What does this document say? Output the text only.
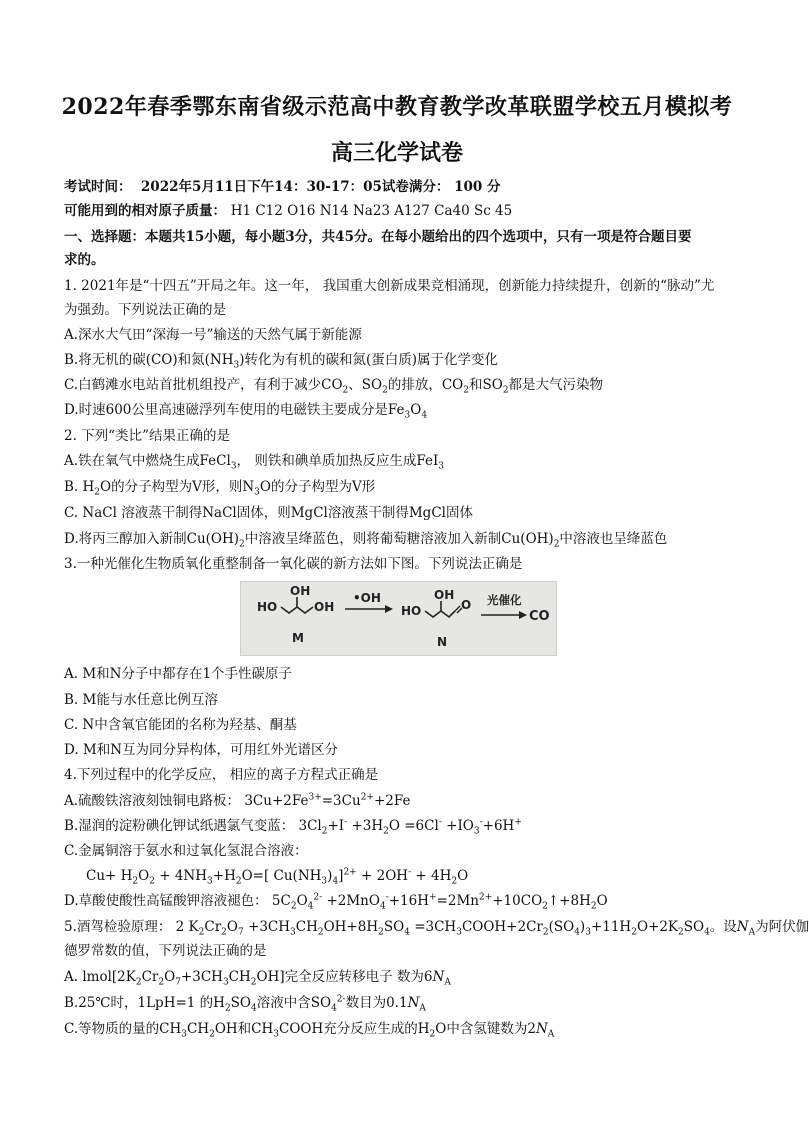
2022年春季鄂东南省级示范高中教育教学改革联盟学校五月模拟考
高三化学试卷
考试时间： 2022年5月11日下午14：30-17：05试卷满分： 100 分
可能用到的相对原子质量： H1 C12 O16 N14 Na23 A127 Ca40 Sc 45
一、选择题：本题共15小题，每小题3分，共45分。在每小题给出的四个选项中，只有一项是符合题目要
求的。
1. 2021年是“十四五”开局之年。这一年， 我国重大创新成果竞相涌现，创新能力持续提升，创新的“脉动”尤
为强劲。下列说法正确的是
A.深水大气田“深海一号”输送的天然气属于新能源
B.将无机的碳(CO)和氮$(NH_3)$转化为有机的碳和氮(蛋白质)属于化学变化
C.白鹤滩水电站首批机组投产，有利于减少$CO_2$、$SO_2$的排放，$CO_2$和$SO_2$都是大气污染物
D.时速600公里高速磁浮列车使用的电磁铁主要成分是$Fe_3O_4$
2. 下列“类比”结果正确的是
A.铁在氧气中燃烧生成FeCl$_3$， 则铁和碘单质加热反应生成FeI$_3$
B. $H_2O$的分子构型为V形，则$N_3O$的分子构型为V形
C. NaCl 溶液蒸干制得NaCl固体，则MgCl溶液蒸干制得MgCl固体
D.将丙三醇加入新制$Cu(OH)_2$中溶液呈绛蓝色，则将葡萄糖溶液加入新制$Cu(OH)_2$中溶液也呈绛蓝色
3.一种光催化生物质氧化重整制备一氧化碳的新方法如下图。下列说法正确是
HO
OH
OH
M
•OH
HO
OH
O
N
光催化
CO
A. M和N分子中都存在1个手性碳原子
B. M能与水任意比例互溶
C. N中含氧官能团的名称为羟基、酮基
D. M和N互为同分异构体，可用红外光谱区分
4.下列过程中的化学反应， 相应的离子方程式正确是
A.硫酸铁溶液刻蚀铜电路板： $3Cu+2Fe^{3+}=3Cu^{2+}+2Fe$
B.湿润的淀粉碘化钾试纸遇氯气变蓝： $3Cl_2+I^- +3H_2O =6Cl^- +IO_3^-+6H^+$
C.金属铜溶于氨水和过氧化氢混合溶液：
$Cu+ H_2O_2 + 4NH_3+H_2O=$[ $Cu(NH_3)_4]^{2+} + 2OH^- + 4H_2O$
D.草酸使酸性高锰酸钾溶液褪色： $5C_2O_4^{2-}$ $+2MnO_4^-+16H^+=2Mn^{2+}+10CO_2↑+8H_2O$
5.酒驾检验原理： 2 $K_2Cr_2O_7 +3CH_3CH_2OH+8H_2SO_4$ $=3CH_3COOH+2Cr_2(SO_4)_3+11H_2O+2K_2SO_4$。设$N_A$为阿伏伽
德罗常数的值，下列说法正确的是
A. $lmol[2K_2Cr_2O_7+3CH_3CH_2OH]$完全反应转移电子 数为$6N_A$
B.25℃时，1LpH=1 的$H_2SO_4$溶液中含$SO_4^{2-}$数目为$0.1N_A$
C.等物质的量的$CH_3CH_2OH$和$CH_3COOH$充分反应生成的$H_2O$中含氢键数为$2N_A$
